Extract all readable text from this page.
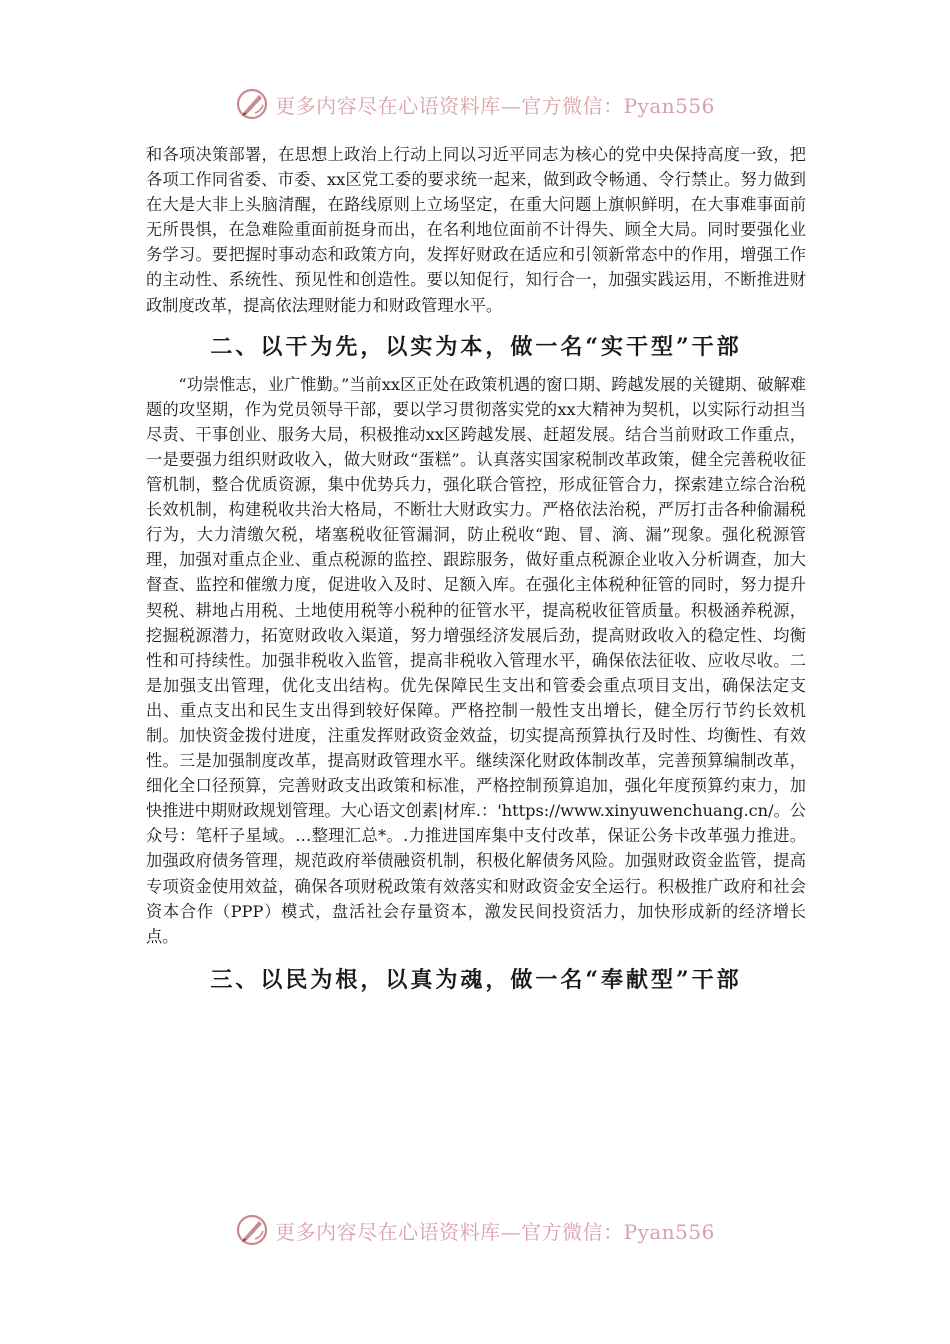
更多内容尽在心语资料库—官方微信：Pyan556

和各项决策部署，在思想上政治上行动上同以习近平同志为核心的党中央保持高度一致，把各项工作同省委、市委、xx区党工委的要求统一起来，做到政令畅通、令行禁止。努力做到在大是大非上头脑清醒，在路线原则上立场坚定，在重大问题上旗帜鲜明，在大事难事面前无所畏惧，在急难险重面前挺身而出，在名利地位面前不计得失、顾全大局。同时要强化业务学习。要把握时事动态和政策方向，发挥好财政在适应和引领新常态中的作用，增强工作的主动性、系统性、预见性和创造性。要以知促行，知行合一，加强实践运用，不断推进财政制度改革，提高依法理财能力和财政管理水平。

二、以干为先，以实为本，做一名“实干型”干部

“功崇惟志，业广惟勤。”当前xx区正处在政策机遇的窗口期、跨越发展的关键期、破解难题的攻坚期，作为党员领导干部，要以学习贯彻落实党的xx大精神为契机，以实际行动担当尽责、干事创业、服务大局，积极推动xx区跨越发展、赶超发展。结合当前财政工作重点，一是要强力组织财政收入，做大财政“蛋糕”。认真落实国家税制改革政策，健全完善税收征管机制，整合优质资源，集中优势兵力，强化联合管控，形成征管合力，探索建立综合治税长效机制，构建税收共治大格局，不断壮大财政实力。严格依法治税，严厉打击各种偷漏税行为，大力清缴欠税，堵塞税收征管漏洞，防止税收“跑、冒、滴、漏”现象。强化税源管理，加强对重点企业、重点税源的监控、跟踪服务，做好重点税源企业收入分析调查，加大督查、监控和催缴力度，促进收入及时、足额入库。在强化主体税种征管的同时，努力提升契税、耕地占用税、土地使用税等小税种的征管水平，提高税收征管质量。积极涵养税源，挖掘税源潜力，拓宽财政收入渠道，努力增强经济发展后劲，提高财政收入的稳定性、均衡性和可持续性。加强非税收入监管，提高非税收入管理水平，确保依法征收、应收尽收。二是加强支出管理，优化支出结构。优先保障民生支出和管委会重点项目支出，确保法定支出、重点支出和民生支出得到较好保障。严格控制一般性支出增长，健全厉行节约长效机制。加快资金拨付进度，注重发挥财政资金效益，切实提高预算执行及时性、均衡性、有效性。三是加强制度改革，提高财政管理水平。继续深化财政体制改革，完善预算编制改革，细化全口径预算，完善财政支出政策和标准，严格控制预算追加，强化年度预算约束力，加快推进中期财政规划管理。大心语文创素|材库.：'https://www.xinyuwenchuang.cn/。公众号：笔杆子星域。…整理汇总*。.力推进国库集中支付改革，保证公务卡改革强力推进。加强政府债务管理，规范政府举债融资机制，积极化解债务风险。加强财政资金监管，提高专项资金使用效益，确保各项财税政策有效落实和财政资金安全运行。积极推广政府和社会资本合作（PPP）模式，盘活社会存量资本，激发民间投资活力，加快形成新的经济增长点。

三、以民为根，以真为魂，做一名“奉献型”干部
更多内容尽在心语资料库—官方微信：Pyan556
